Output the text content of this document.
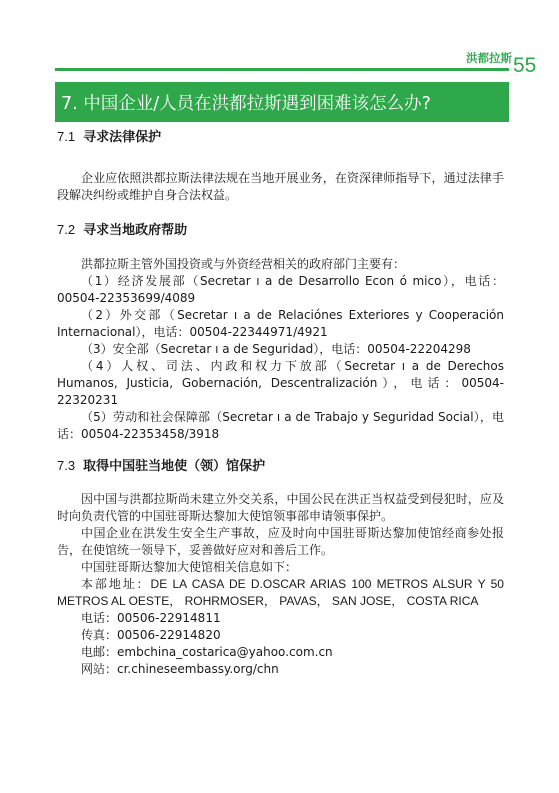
洪都拉斯 55
7. 中国企业/人员在洪都拉斯遇到困难该怎么办?
7.1 寻求法律保护

企业应依照洪都拉斯法律法规在当地开展业务，在资深律师指导下，通过法律手段解决纠纷或维护自身合法权益。

7.2 寻求当地政府帮助

洪都拉斯主管外国投资或与外资经营相关的政府部门主要有：

（1）经济发展部（Secretar ı a de Desarrollo Econ ó mico），电话：00504-22353699/4089

（2）外交部（Secretar ı a de Relaciónes Exteriores y Cooperación Internacional），电话：00504-22344971/4921

（3）安全部（Secretar ı a de Seguridad），电话：00504-22204298

（4）人权、司法、内政和权力下放部（Secretar ı a de Derechos Humanos, Justicia, Gobernación, Descentralización），电话：00504-22320231

（5）劳动和社会保障部（Secretar ı a de Trabajo y Seguridad Social），电话：00504-22353458/3918

7.3 取得中国驻当地使（领）馆保护

因中国与洪都拉斯尚未建立外交关系，中国公民在洪正当权益受到侵犯时，应及时向负责代管的中国驻哥斯达黎加大使馆领事部申请领事保护。

中国企业在洪发生安全生产事故，应及时向中国驻哥斯达黎加使馆经商参处报告，在使馆统一领导下，妥善做好应对和善后工作。

中国驻哥斯达黎加大使馆相关信息如下：

本部地址：DE LA CASA DE D.OSCAR ARIAS 100 METROS ALSUR Y 50 METROS AL OESTE， ROHRMOSER， PAVAS， SAN JOSE， COSTA RICA

电话：00506-22914811

传真：00506-22914820

电邮：embchina_costarica@yahoo.com.cn

网站：cr.chineseembassy.org/chn
